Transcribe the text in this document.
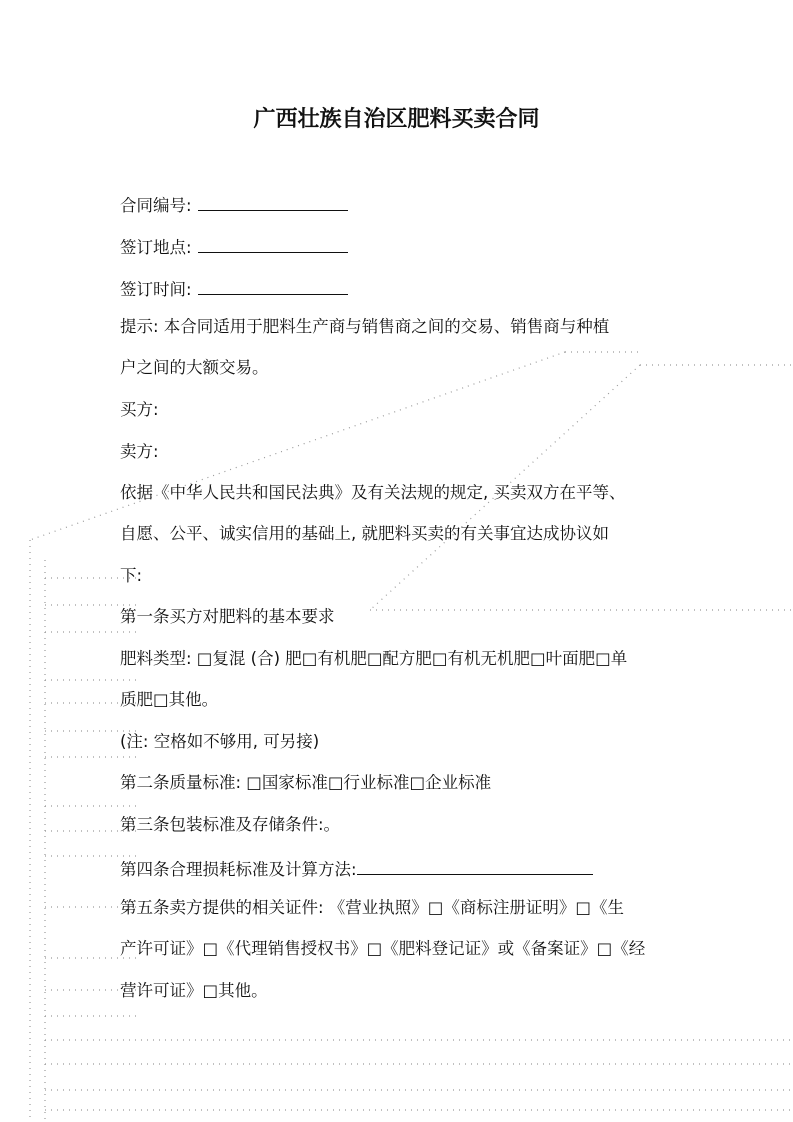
广西壮族自治区肥料买卖合同
合同编号:
签订地点:
签订时间:
提示: 本合同适用于肥料生产商与销售商之间的交易、销售商与种植
户之间的大额交易。
买方:
卖方:
依据《中华人民共和国民法典》及有关法规的规定, 买卖双方在平等、
自愿、公平、诚实信用的基础上, 就肥料买卖的有关事宜达成协议如
下:
第一条买方对肥料的基本要求
肥料类型: □复混 (合) 肥□有机肥□配方肥□有机无机肥□叶面肥□单
质肥□其他。
(注: 空格如不够用, 可另接)
第二条质量标准: □国家标准□行业标准□企业标准
第三条包装标准及存储条件:。
第四条合理损耗标准及计算方法:
第五条卖方提供的相关证件: 《营业执照》□《商标注册证明》□《生
产许可证》□《代理销售授权书》□《肥料登记证》或《备案证》□《经
营许可证》□其他。
